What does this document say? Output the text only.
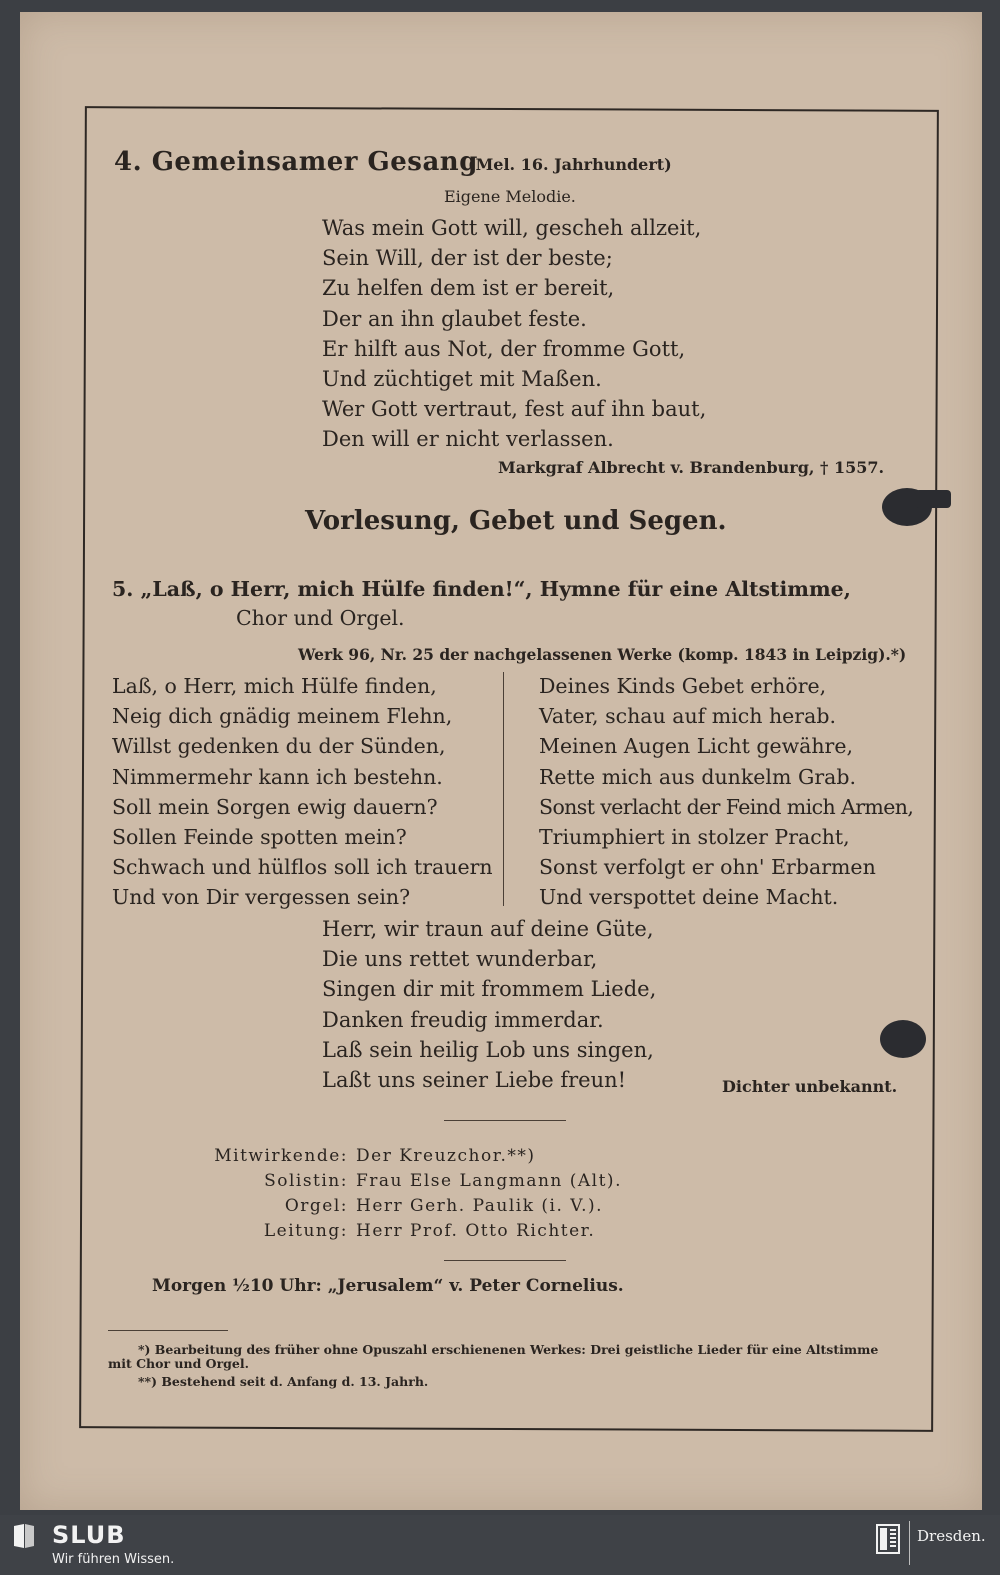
4. Gemeinsamer Gesang
(Mel. 16. Jahrhundert)
Eigene Melodie.
Was mein Gott will, gescheh allzeit,
Sein Will, der ist der beste;
Zu helfen dem ist er bereit,
Der an ihn glaubet feste.
Er hilft aus Not, der fromme Gott,
Und züchtiget mit Maßen.
Wer Gott vertraut, fest auf ihn baut,
Den will er nicht verlassen.
Markgraf Albrecht v. Brandenburg, † 1557.
Vorlesung, Gebet und Segen.
5. „Laß, o Herr, mich Hülfe finden!“, Hymne für eine Altstimme,
Chor und Orgel.
Werk 96, Nr. 25 der nachgelassenen Werke (komp. 1843 in Leipzig).*)
Laß, o Herr, mich Hülfe finden,
Neig dich gnädig meinem Flehn,
Willst gedenken du der Sünden,
Nimmermehr kann ich bestehn.
Soll mein Sorgen ewig dauern?
Sollen Feinde spotten mein?
Schwach und hülflos soll ich trauern
Und von Dir vergessen sein?
Deines Kinds Gebet erhöre,
Vater, schau auf mich herab.
Meinen Augen Licht gewähre,
Rette mich aus dunkelm Grab.
Sonst verlacht der Feind mich Armen,
Triumphiert in stolzer Pracht,
Sonst verfolgt er ohn' Erbarmen
Und verspottet deine Macht.
Herr, wir traun auf deine Güte,
Die uns rettet wunderbar,
Singen dir mit frommem Liede,
Danken freudig immerdar.
Laß sein heilig Lob uns singen,
Laßt uns seiner Liebe freun!	Dichter unbekannt.
Mitwirkende: Der Kreuzchor.**)
Solistin: Frau Else Langmann (Alt).
Orgel: Herr Gerh. Paulik (i. V.).
Leitung: Herr Prof. Otto Richter.
Morgen ½10 Uhr: „Jerusalem“ v. Peter Cornelius.
*) Bearbeitung des früher ohne Opuszahl erschienenen Werkes: Drei geistliche Lieder für eine Altstimme
mit Chor und Orgel.
**) Bestehend seit d. Anfang d. 13. Jahrh.
SLUB
Wir führen Wissen.
Dresden.
